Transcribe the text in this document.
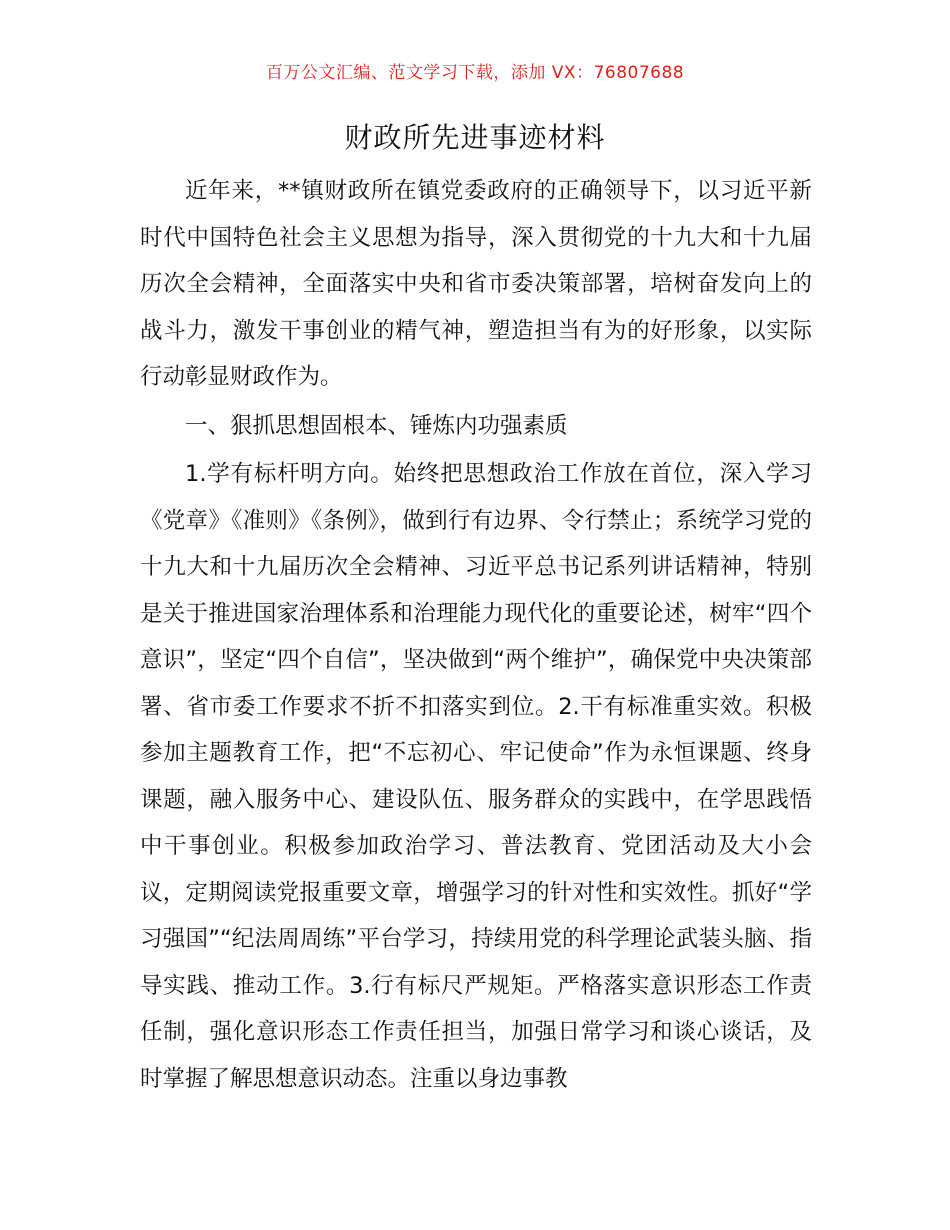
百万公文汇编、范文学习下载，添加 VX：76807688
财政所先进事迹材料

近年来，**镇财政所在镇党委政府的正确领导下，以习近平新时代中国特色社会主义思想为指导，深入贯彻党的十九大和十九届历次全会精神，全面落实中央和省市委决策部署，培树奋发向上的战斗力，激发干事创业的精气神，塑造担当有为的好形象，以实际行动彰显财政作为。

一、狠抓思想固根本、锤炼内功强素质

1.学有标杆明方向。始终把思想政治工作放在首位，深入学习《党章》《准则》《条例》，做到行有边界、令行禁止；系统学习党的十九大和十九届历次全会精神、习近平总书记系列讲话精神，特别是关于推进国家治理体系和治理能力现代化的重要论述，树牢“四个意识”，坚定“四个自信”，坚决做到“两个维护”，确保党中央决策部署、省市委工作要求不折不扣落实到位。2.干有标准重实效。积极参加主题教育工作，把“不忘初心、牢记使命”作为永恒课题、终身课题，融入服务中心、建设队伍、服务群众的实践中，在学思践悟中干事创业。积极参加政治学习、普法教育、党团活动及大小会议，定期阅读党报重要文章，增强学习的针对性和实效性。抓好“学习强国”“纪法周周练”平台学习，持续用党的科学理论武装头脑、指导实践、推动工作。3.行有标尺严规矩。严格落实意识形态工作责任制，强化意识形态工作责任担当，加强日常学习和谈心谈话，及时掌握了解思想意识动态。注重以身边事教
